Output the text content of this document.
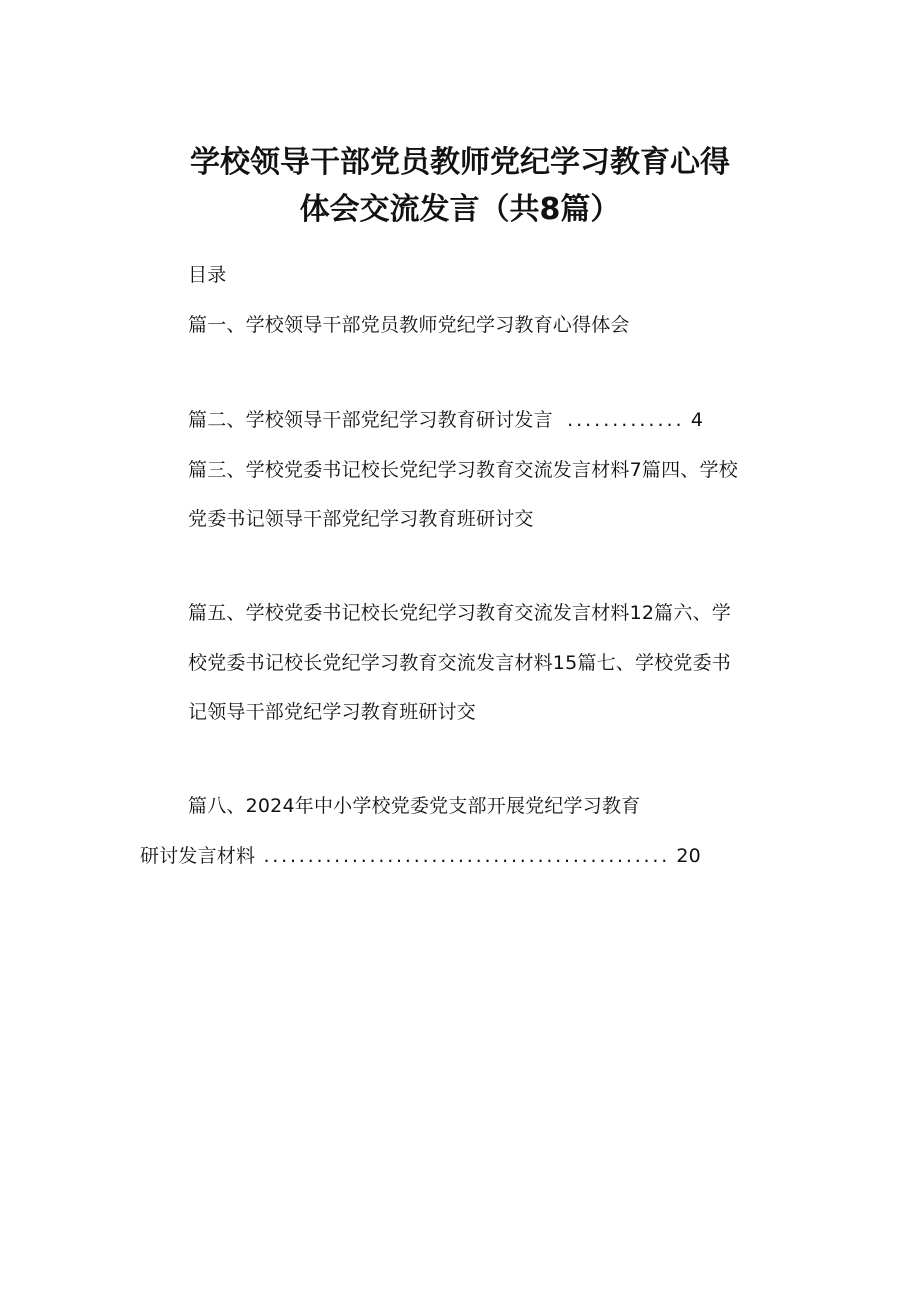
学校领导干部党员教师党纪学习教育心得
体会交流发言（共8篇）
目录
篇一、学校领导干部党员教师党纪学习教育心得体会
篇二、学校领导干部党纪学习教育研讨发言 ............. 4
篇三、学校党委书记校长党纪学习教育交流发言材料7篇四、学校
党委书记领导干部党纪学习教育班研讨交
篇五、学校党委书记校长党纪学习教育交流发言材料12篇六、学
校党委书记校长党纪学习教育交流发言材料15篇七、学校党委书
记领导干部党纪学习教育班研讨交
篇八、2024年中小学校党委党支部开展党纪学习教育
研讨发言材料 .............................................. 20
